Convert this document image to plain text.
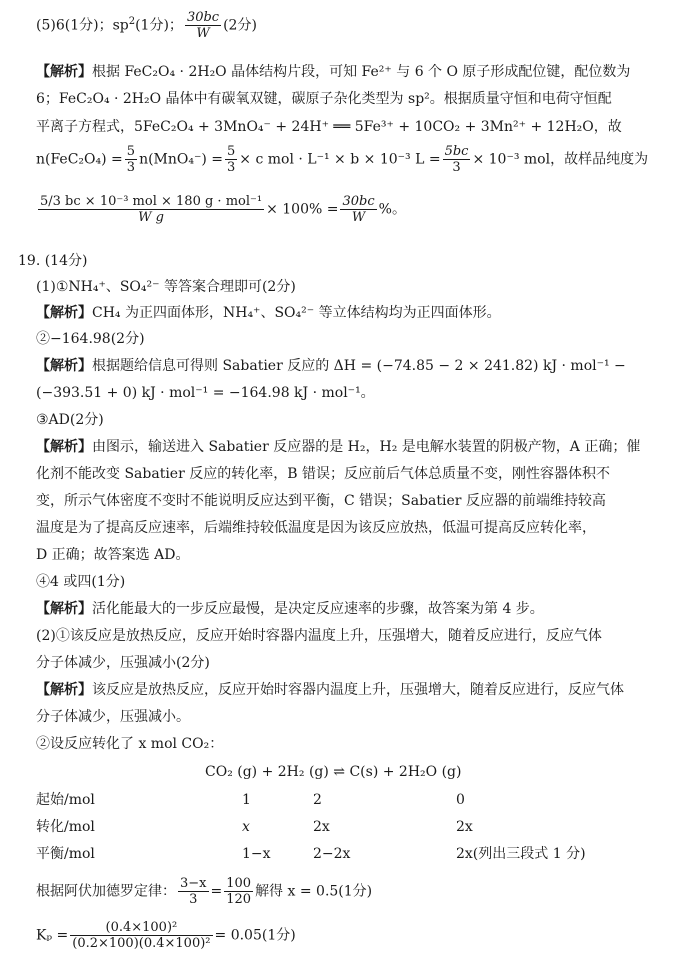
(5)6(1分)；$sp^2(1$分)； $\frac{30bc}{W} (2$分)
【解析】根据 FeC₂O₄ · 2H₂O 晶体结构片段，可知 Fe²⁺ 与 6 个 O 原子形成配位键，配位数为
6；FeC₂O₄ · 2H₂O 晶体中有碳氧双键，碳原子杂化类型为 sp²。根据质量守恒和电荷守恒配
平离子方程式，5FeC₂O₄ + 3MnO₄⁻ + 24H⁺ ══ 5Fe³⁺ + 10CO₂ + 3Mn²⁺ + 12H₂O，故
$n(FeC_2O_4) = \frac{5}{3} n(MnO_4^-) = \frac{5}{3} \times c$ mol · L⁻¹ × b × 10⁻³ $L = \frac{5bc}{3} \times 10^{-3}$ mol，故样品纯度为
$\frac{\text{5/3 bc × 10⁻³ mol × 180 g · mol⁻¹}}{\text{W g}} \times 100\% = \frac{30bc}{W}$ %。
19. (14分)
(1)①NH₄⁺、SO₄²⁻ 等答案合理即可(2分)
【解析】CH₄ 为正四面体形，NH₄⁺、SO₄²⁻ 等立体结构均为正四面体形。
②−164.98(2分)
【解析】根据题给信息可得则 Sabatier 反应的 ΔH = (−74.85 − 2 × 241.82) kJ · mol⁻¹ −
(−393.51 + 0) kJ · mol⁻¹ = −164.98 kJ · mol⁻¹。
③AD(2分)
【解析】由图示，输送进入 Sabatier 反应器的是 H₂，H₂ 是电解水装置的阴极产物，A 正确；催
化剂不能改变 Sabatier 反应的转化率，B 错误；反应前后气体总质量不变，刚性容器体积不
变，所示气体密度不变时不能说明反应达到平衡，C 错误；Sabatier 反应器的前端维持较高
温度是为了提高反应速率，后端维持较低温度是因为该反应放热，低温可提高反应转化率，
D 正确；故答案选 AD。
④4 或四(1分)
【解析】活化能最大的一步反应最慢，是决定反应速率的步骤，故答案为第 4 步。
(2)①该反应是放热反应，反应开始时容器内温度上升，压强增大，随着反应进行，反应气体
分子体减少，压强减小(2分)
【解析】该反应是放热反应，反应开始时容器内温度上升，压强增大，随着反应进行，反应气体
分子体减少，压强减小。
②设反应转化了 x mol CO₂：
CO₂ (g) + 2H₂ (g) ⇌ C(s) + 2H₂O (g)
起始/mol	1	2	0
转化/mol	x	2x	2x
平衡/mol	1−x	2−2x	2x(列出三段式 1 分)
根据阿伏加德罗定律： $\frac{3-x}{3} = \frac{100}{120}$ 解得 x = 0.5(1分)
$K_p = \frac{\text{(0.4×100)²}}{\text{(0.2×100)(0.4×100)²}} = 0.05(1$分)
